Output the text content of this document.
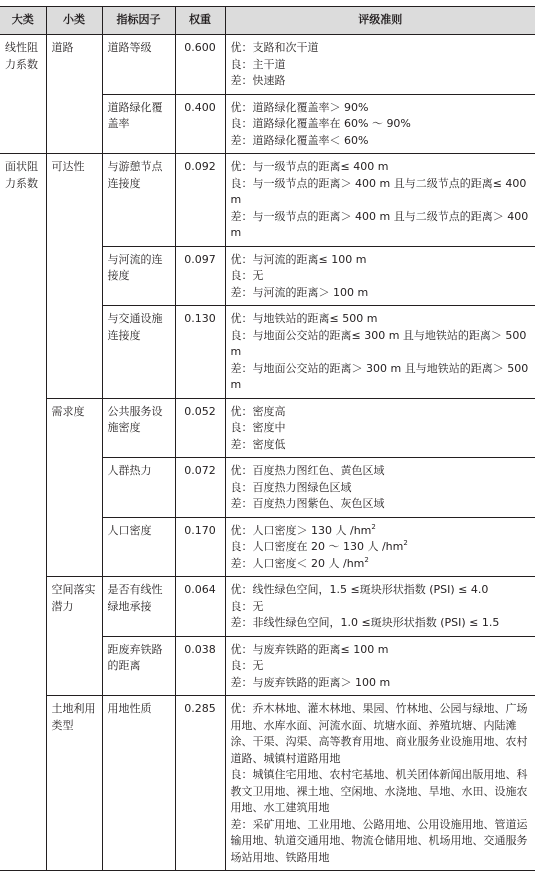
大类	小类	指标因子	权重	评级准则
线性阻力系数	道路	道路等级	0.600	优：支路和次干道
良：主干道
差：快速路

		道路绿化覆盖率	0.400	优：道路绿化覆盖率＞ 90%
良：道路绿化覆盖率在 60% ～ 90%
差：道路绿化覆盖率＜ 60%

面状阻力系数	可达性	与游憩节点连接度	0.092	优：与一级节点的距离≤ 400 m
良：与一级节点的距离＞ 400 m 且与二级节点的距离≤ 400 m
差：与一级节点的距离＞ 400 m 且与二级节点的距离＞ 400 m

		与河流的连接度	0.097	优：与河流的距离≤ 100 m
良：无
差：与河流的距离＞ 100 m

		与交通设施连接度	0.130	优：与地铁站的距离≤ 500 m
良：与地面公交站的距离≤ 300 m 且与地铁站的距离＞ 500 m
差：与地面公交站的距离＞ 300 m 且与地铁站的距离＞ 500 m

	需求度	公共服务设施密度	0.052	优：密度高
良：密度中
差：密度低

		人群热力	0.072	优：百度热力图红色、黄色区域
良：百度热力图绿色区域
差：百度热力图紫色、灰色区域

		人口密度	0.170	优：人口密度＞ 130 人 $/hm^2$
良：人口密度在 20 ～ 130 人 $/hm^2$
差：人口密度＜ 20 人 $/hm^2$

	空间落实潜力	是否有线性绿地承接	0.064	优：线性绿色空间，1.5 ≤斑块形状指数 (PSI) ≤ 4.0
良：无
差：非线性绿色空间，1.0 ≤斑块形状指数 (PSI) ≤ 1.5

		距废弃铁路的距离	0.038	优：与废弃铁路的距离≤ 100 m
良：无
差：与废弃铁路的距离＞ 100 m

	土地利用类型	用地性质	0.285	优：乔木林地、灌木林地、果园、竹林地、公园与绿地、广场用地、水库水面、河流水面、坑塘水面、养殖坑塘、内陆滩涂、干渠、沟渠、高等教育用地、商业服务业设施用地、农村道路、城镇村道路用地
良：城镇住宅用地、农村宅基地、机关团体新闻出版用地、科教文卫用地、裸土地、空闲地、水浇地、旱地、水田、设施农用地、水工建筑用地
差：采矿用地、工业用地、公路用地、公用设施用地、管道运输用地、轨道交通用地、物流仓储用地、机场用地、交通服务场站用地、铁路用地
